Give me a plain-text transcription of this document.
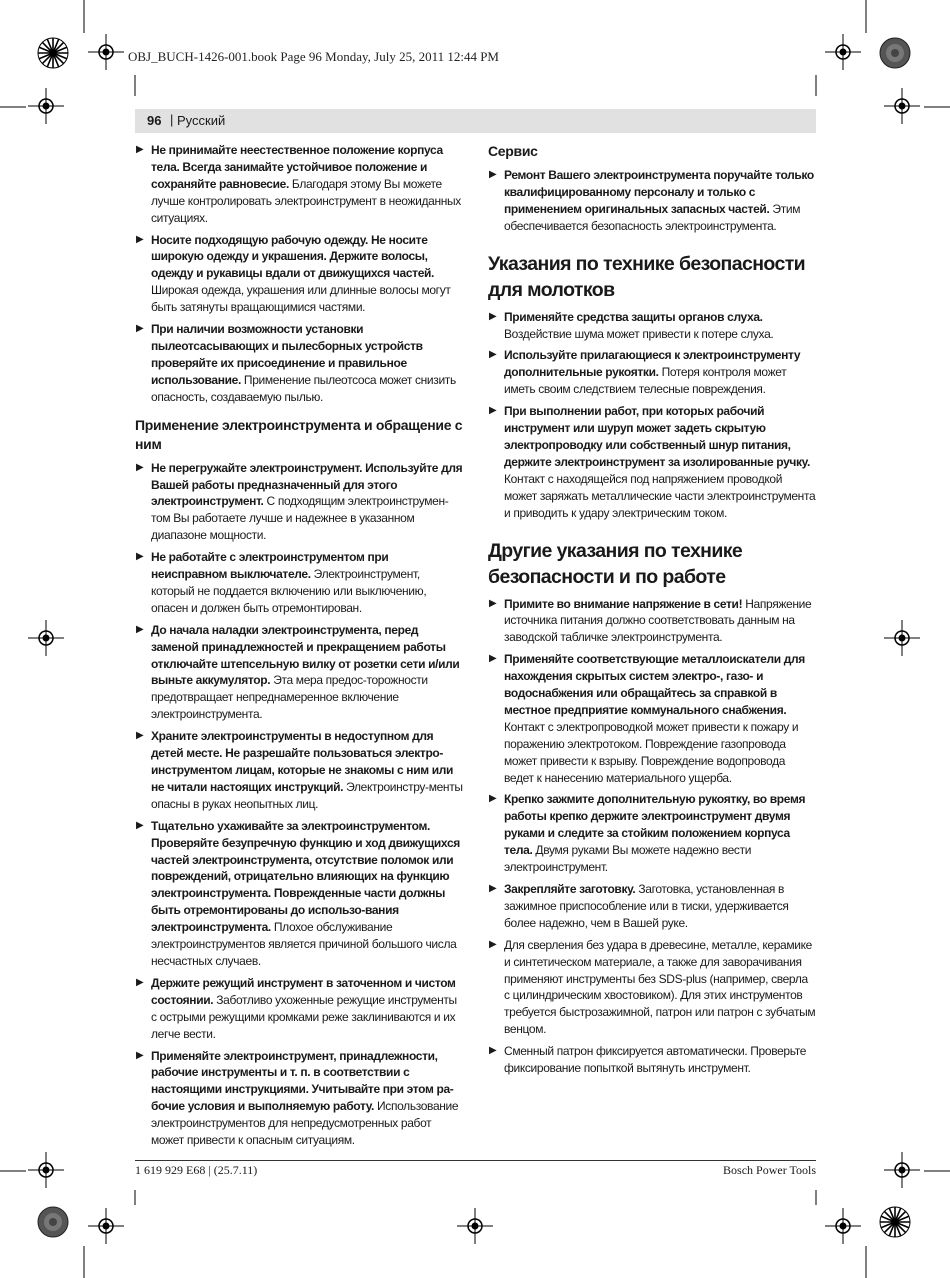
OBJ_BUCH-1426-001.book Page 96 Monday, July 25, 2011 12:44 PM
96 | Русский
▶ Не принимайте неестественное положение корпуса тела. Всегда занимайте устойчивое положение и сохраняйте равновесие. Благодаря этому Вы можете лучше контролировать электроинструмент в неожиданных ситуациях.
▶ Носите подходящую рабочую одежду. Не носите широкую одежду и украшения. Держите волосы, одежду и рукавицы вдали от движущихся частей. Широкая одежда, украшения или длинные волосы могут быть затянуты вращающимися частями.
▶ При наличии возможности установки пылеотсасывающих и пылесборных устройств проверяйте их присоединение и правильное использование. Применение пылеотсоса может снизить опасность, создаваемую пылью.
Применение электроинструмента и обращение с ним
▶ Не перегружайте электроинструмент. Используйте для Вашей работы предназначенный для этого электроинструмент. С подходящим электроинструмен-том Вы работаете лучше и надежнее в указанном диапазоне мощности.
▶ Не работайте с электроинструментом при неисправном выключателе. Электроинструмент, который не поддается включению или выключению, опасен и должен быть отремонтирован.
▶ До начала наладки электроинструмента, перед заменой принадлежностей и прекращением работы отключайте штепсельную вилку от розетки сети и/или выньте аккумулятор. Эта мера предос-торожности предотвращает непреднамеренное включение электроинструмента.
▶ Храните электроинструменты в недоступном для детей месте. Не разрешайте пользоваться электро-инструментом лицам, которые не знакомы с ним или не читали настоящих инструкций. Электроинстру-менты опасны в руках неопытных лиц.
▶ Тщательно ухаживайте за электроинструментом. Проверяйте безупречную функцию и ход движущихся частей электроинструмента, отсутствие поломок или повреждений, отрицательно влияющих на функцию электроинструмента. Поврежденные части должны быть отремонтированы до использо-вания электроинструмента. Плохое обслуживание электроинструментов является причиной большого числа несчастных случаев.
▶ Держите режущий инструмент в заточенном и чистом состоянии. Заботливо ухоженные режущие инструменты с острыми режущими кромками реже заклиниваются и их легче вести.
▶ Применяйте электроинструмент, принадлежности, рабочие инструменты и т. п. в соответствии с настоящими инструкциями. Учитывайте при этом ра-бочие условия и выполняемую работу. Использование электроинструментов для непредусмотренных работ может привести к опасным ситуациям.
Сервис
▶ Ремонт Вашего электроинструмента поручайте только квалифицированному персоналу и только с применением оригинальных запасных частей. Этим обеспечивается безопасность электроинструмента.
Указания по технике безопасности для молотков
▶ Применяйте средства защиты органов слуха. Воздействие шума может привести к потере слуха.
▶ Используйте прилагающиеся к электроинструменту дополнительные рукоятки. Потеря контроля может иметь своим следствием телесные повреждения.
▶ При выполнении работ, при которых рабочий инструмент или шуруп может задеть скрытую электропроводку или собственный шнур питания, держите электроинструмент за изолированные ручку. Контакт с находящейся под напряжением проводкой может заряжать металлические части электроинструмента и приводить к удару электрическим током.
Другие указания по технике безопасности и по работе
▶ Примите во внимание напряжение в сети! Напряжение источника питания должно соответствовать данным на заводской табличке электроинструмента.
▶ Применяйте соответствующие металлоискатели для нахождения скрытых систем электро-, газо- и водоснабжения или обращайтесь за справкой в местное предприятие коммунального снабжения. Контакт с электропроводкой может привести к пожару и поражению электротоком. Повреждение газопровода может привести к взрыву. Повреждение водопровода ведет к нанесению материального ущерба.
▶ Крепко зажмите дополнительную рукоятку, во время работы крепко держите электроинструмент двумя руками и следите за стойким положением корпуса тела. Двумя руками Вы можете надежно вести электроинструмент.
▶ Закрепляйте заготовку. Заготовка, установленная в зажимное приспособление или в тиски, удерживается более надежно, чем в Вашей руке.
▶ Для сверления без удара в древесине, металле, керамике и синтетическом материале, а также для заворачивания применяют инструменты без SDS-plus (например, сверла с цилиндрическим хвостовиком). Для этих инструментов требуется быстрозажимной, патрон или патрон с зубчатым венцом.
▶ Сменный патрон фиксируется автоматически. Проверьте фиксирование попыткой вытянуть инструмент.
1 619 929 E68 | (25.7.11)	Bosch Power Tools
